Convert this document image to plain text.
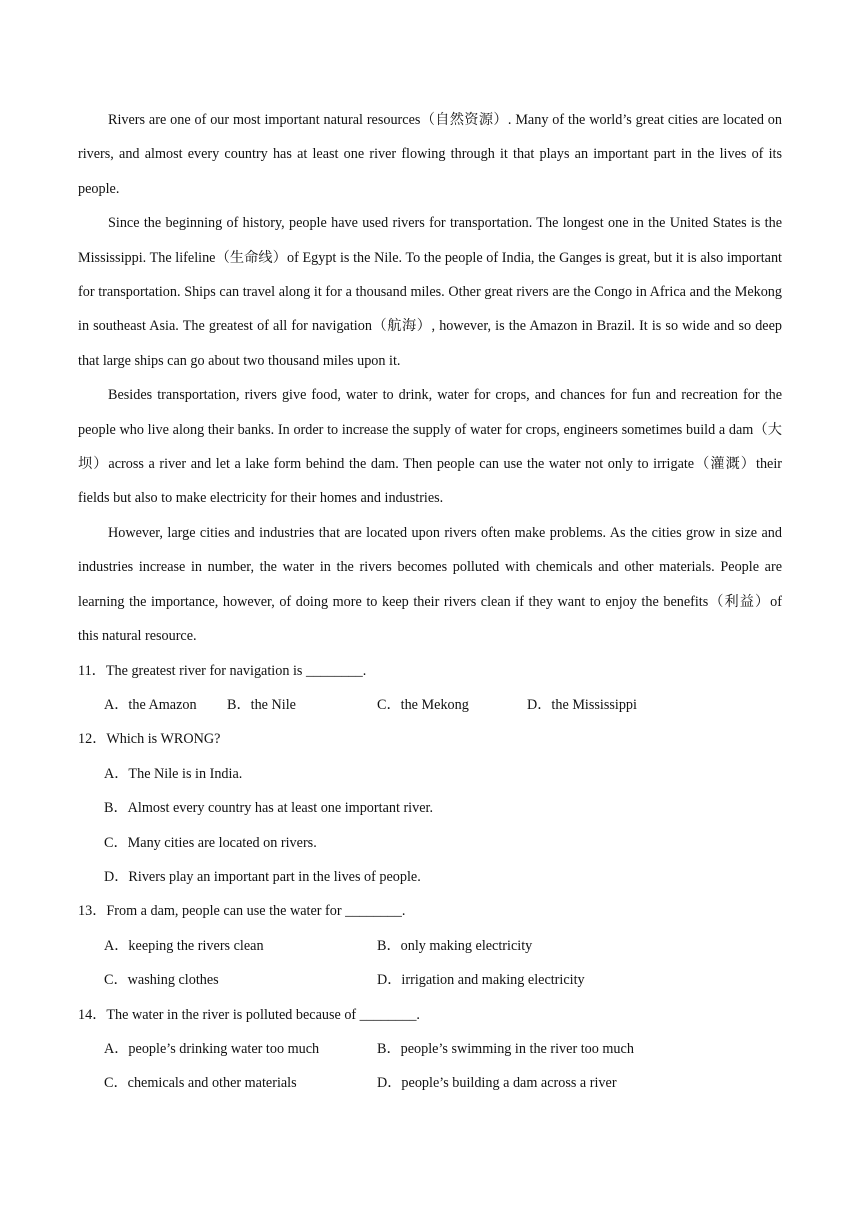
Rivers are one of our most important natural resources（自然资源）. Many of the world’s great cities are located on rivers, and almost every country has at least one river flowing through it that plays an important part in the lives of its people.

Since the beginning of history, people have used rivers for transportation. The longest one in the United States is the Mississippi. The lifeline（生命线）of Egypt is the Nile. To the people of India, the Ganges is great, but it is also important for transportation. Ships can travel along it for a thousand miles. Other great rivers are the Congo in Africa and the Mekong in southeast Asia. The greatest of all for navigation（航海）, however, is the Amazon in Brazil. It is so wide and so deep that large ships can go about two thousand miles upon it.

Besides transportation, rivers give food, water to drink, water for crops, and chances for fun and recreation for the people who live along their banks. In order to increase the supply of water for crops, engineers sometimes build a dam（大坝）across a river and let a lake form behind the dam. Then people can use the water not only to irrigate（灌溉）their fields but also to make electricity for their homes and industries.

However, large cities and industries that are located upon rivers often make problems. As the cities grow in size and industries increase in number, the water in the rivers becomes polluted with chemicals and other materials. People are learning the importance, however, of doing more to keep their rivers clean if they want to enjoy the benefits（利益）of this natural resource.

11．The greatest river for navigation is ________.

A．the Amazon B．the Nile	C．the Mekong	D．the Mississippi

12．Which is WRONG?

A．The Nile is in India.

B．Almost every country has at least one important river.

C．Many cities are located on rivers.

D．Rivers play an important part in the lives of people.

13．From a dam, people can use the water for ________.

A．keeping the rivers clean	B．only making electricity
C．washing clothes	D．irrigation and making electricity

14．The water in the river is polluted because of ________.

A．people’s drinking water too much	B．people’s swimming in the river too much
C．chemicals and other materials	D．people’s building a dam across a river
